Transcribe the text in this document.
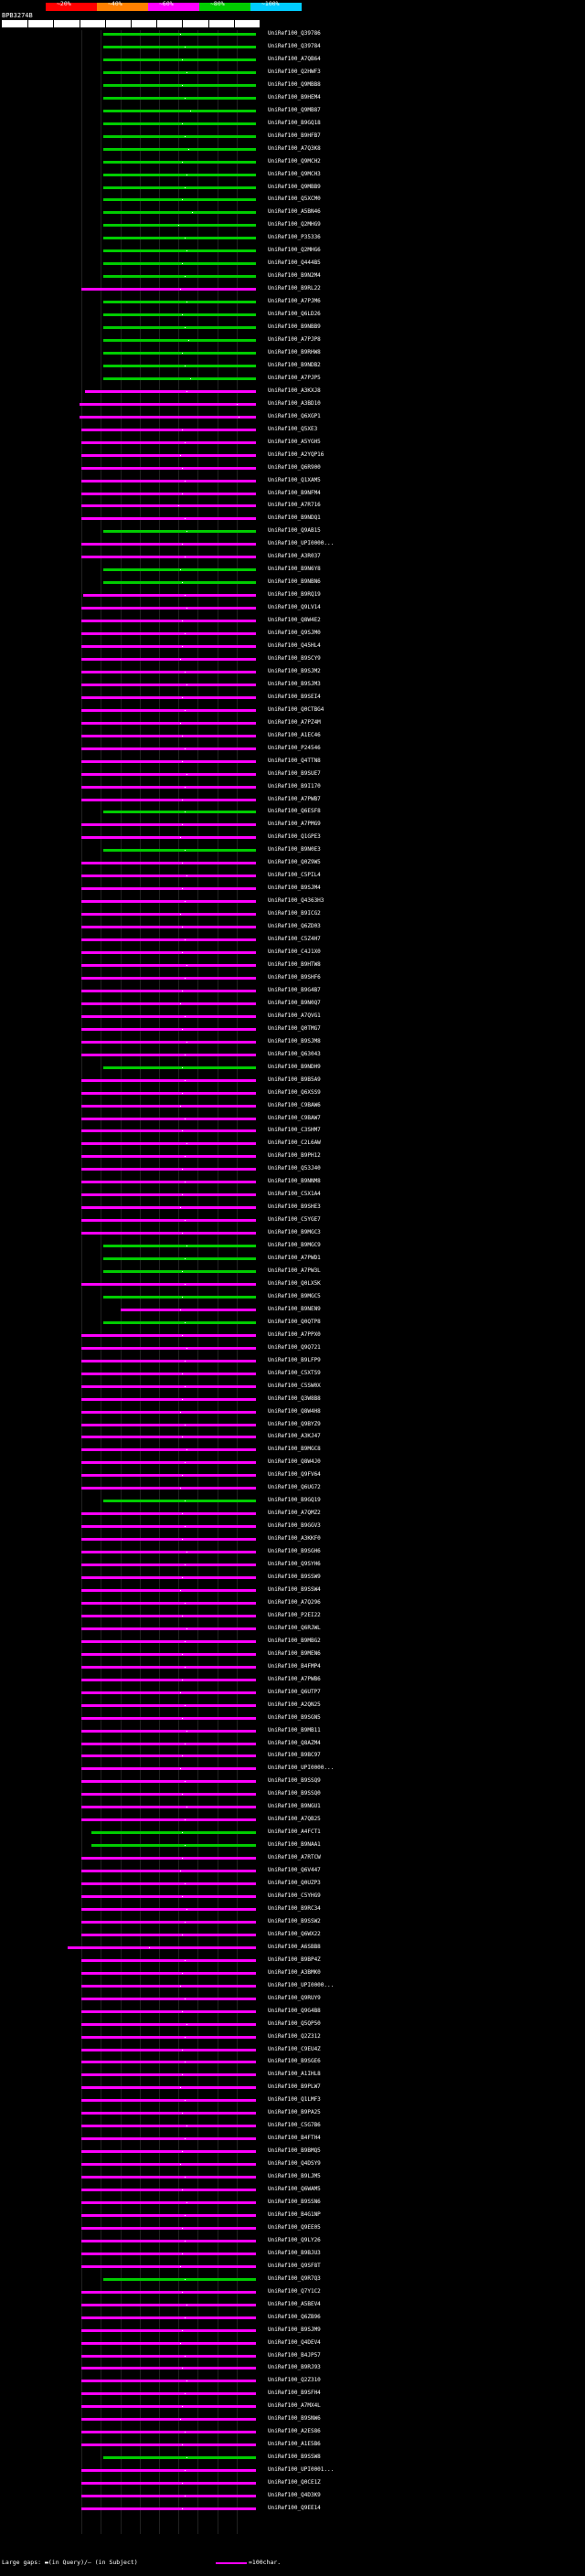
~20%	~40%	~60%	~80%	~100%
BPB3274B
1	467
UniRef100_Q39786
UniRef100_Q39784
UniRef100_A7QB64
UniRef100_Q2HWF3
UniRef100_Q9MBB8
UniRef100_B9HEM4
UniRef100_Q9MB87
UniRef100_B9GQ18
UniRef100_B9HFB7
UniRef100_A7Q3K8
UniRef100_Q9MCH2
UniRef100_Q9MCH3
UniRef100_Q9MBB9
UniRef100_Q5XCM0
UniRef100_A5BN46
UniRef100_Q2MHG9
UniRef100_P35336
UniRef100_Q2MHG6
UniRef100_Q444B5
UniRef100_B9N2M4
UniRef100_B9RL22
UniRef100_A7PJM6
UniRef100_Q6LD26
UniRef100_B9NBB9
UniRef100_A7PJP8
UniRef100_B9RHW8
UniRef100_B9NDB2
UniRef100_A7PJP5
UniRef100_A3KXJ8
UniRef100_A3BD10
UniRef100_Q6XGP1
UniRef100_Q5XE3
UniRef100_A5YGH5
UniRef100_A2YQP16
UniRef100_Q6R900
UniRef100_Q1XAM5
UniRef100_B9NFM4
UniRef100_A7R716
UniRef100_B9NDQ1
UniRef100_Q9AB15
UniRef100_UPI0000...
UniRef100_A3R037
UniRef100_B9N6Y8
UniRef100_B9NBN6
UniRef100_B9RQ19
UniRef100_Q9LV14
UniRef100_Q8W4E2
UniRef100_Q9SJM0
UniRef100_Q45HL4
UniRef100_B9SCY9
UniRef100_B9SJM2
UniRef100_B9SJM3
UniRef100_B9SEI4
UniRef100_Q0CTBG4
UniRef100_A7PZ4M
UniRef100_A1EC46
UniRef100_P24546
UniRef100_Q4TTN8
UniRef100_B9SUE7
UniRef100_B9I170
UniRef100_A7PWB7
UniRef100_Q6ESF8
UniRef100_A7PMG9
UniRef100_Q1GPE3
UniRef100_B9N0E3
UniRef100_Q0Z9W5
UniRef100_C5PIL4
UniRef100_B9SJM4
UniRef100_Q4363H3
UniRef100_B9ICG2
UniRef100_Q6ZD03
UniRef100_C5Z4H7
UniRef100_C4J1X0
UniRef100_B9HTW8
UniRef100_B9SHF6
UniRef100_B9G4B7
UniRef100_B9N0Q7
UniRef100_A7QVG1
UniRef100_Q0TMG7
UniRef100_B9SJM8
UniRef100_Q63043
UniRef100_B9NDH9
UniRef100_B9B5A9
UniRef100_Q6XSS9
UniRef100_C9BAW6
UniRef100_C9BAW7
UniRef100_C3SHM7
UniRef100_C2L6AW
UniRef100_B9PH12
UniRef100_Q53J40
UniRef100_B9NNM8
UniRef100_C5X1A4
UniRef100_B9SHE3
UniRef100_C5YGE7
UniRef100_B9MGC3
UniRef100_B9MGC9
UniRef100_A7PWD1
UniRef100_A7PW3L
UniRef100_Q0LX5K
UniRef100_B9MGC5
UniRef100_B9NEN9
UniRef100_Q0QTP8
UniRef100_A7PPX0
UniRef100_Q9Q721
UniRef100_B9LFP9
UniRef100_C5XTS9
UniRef100_C5SW0X
UniRef100_Q3W8B8
UniRef100_Q8W4H8
UniRef100_Q9BYZ9
UniRef100_A3KJ47
UniRef100_B9MGC8
UniRef100_Q8W4J0
UniRef100_Q9FV64
UniRef100_Q6UG72
UniRef100_B9GQ19
UniRef100_A7QMZ2
UniRef100_B9GGV3
UniRef100_A3KKF0
UniRef100_B9SGH6
UniRef100_Q9SYH6
UniRef100_B9SSW9
UniRef100_B9SSW4
UniRef100_A7Q296
UniRef100_P2EI22
UniRef100_Q6RJWL
UniRef100_B9MBG2
UniRef100_B9MEN6
UniRef100_B4FMP4
UniRef100_A7PWB6
UniRef100_Q6UTP7
UniRef100_A2QN25
UniRef100_B9SGN5
UniRef100_B9MB11
UniRef100_Q8AZM4
UniRef100_B9BC97
UniRef100_UPI0000...
UniRef100_B9SSQ9
UniRef100_B9SSQ0
UniRef100_B9NGU1
UniRef100_A7QB25
UniRef100_A4FCT1
UniRef100_B9NAA1
UniRef100_A7RTCW
UniRef100_Q6V447
UniRef100_Q0UZP3
UniRef100_C5YHG9
UniRef100_B9RC34
UniRef100_B9SSW2
UniRef100_Q6WX22
UniRef100_A6SBB8
UniRef100_B9BP4Z
UniRef100_A3BMK0
UniRef100_UPI0000...
UniRef100_Q9RUY9
UniRef100_Q9G4B8
UniRef100_Q5QP50
UniRef100_Q2Z312
UniRef100_C9EU4Z
UniRef100_B9SGE6
UniRef100_A1IHL8
UniRef100_B9PLW7
UniRef100_Q1LMF3
UniRef100_B9PA25
UniRef100_C5G7B6
UniRef100_B4FTH4
UniRef100_B9BMQ5
UniRef100_Q4DSY9
UniRef100_B9LJM5
UniRef100_Q6WAM5
UniRef100_B9SSN6
UniRef100_B4G1NP
UniRef100_Q9EE05
UniRef100_Q9LY26
UniRef100_B9BJU3
UniRef100_Q9SF8T
UniRef100_Q9R7Q3
UniRef100_Q7Y1C2
UniRef100_A5BEV4
UniRef100_Q6ZB96
UniRef100_B9SJM9
UniRef100_Q4DEV4
UniRef100_B4JP57
UniRef100_B9RJ93
UniRef100_Q2Z310
UniRef100_B9SFH4
UniRef100_A7MX4L
UniRef100_B9SNW6
UniRef100_A2ES86
UniRef100_A1E5B6
UniRef100_B9SSW8
UniRef100_UPI0001...
UniRef100_Q0CE1Z
UniRef100_Q4D3K9
UniRef100_Q9EE14
Large gaps: ▬(in Query)/— (in Subject)	=100char.
